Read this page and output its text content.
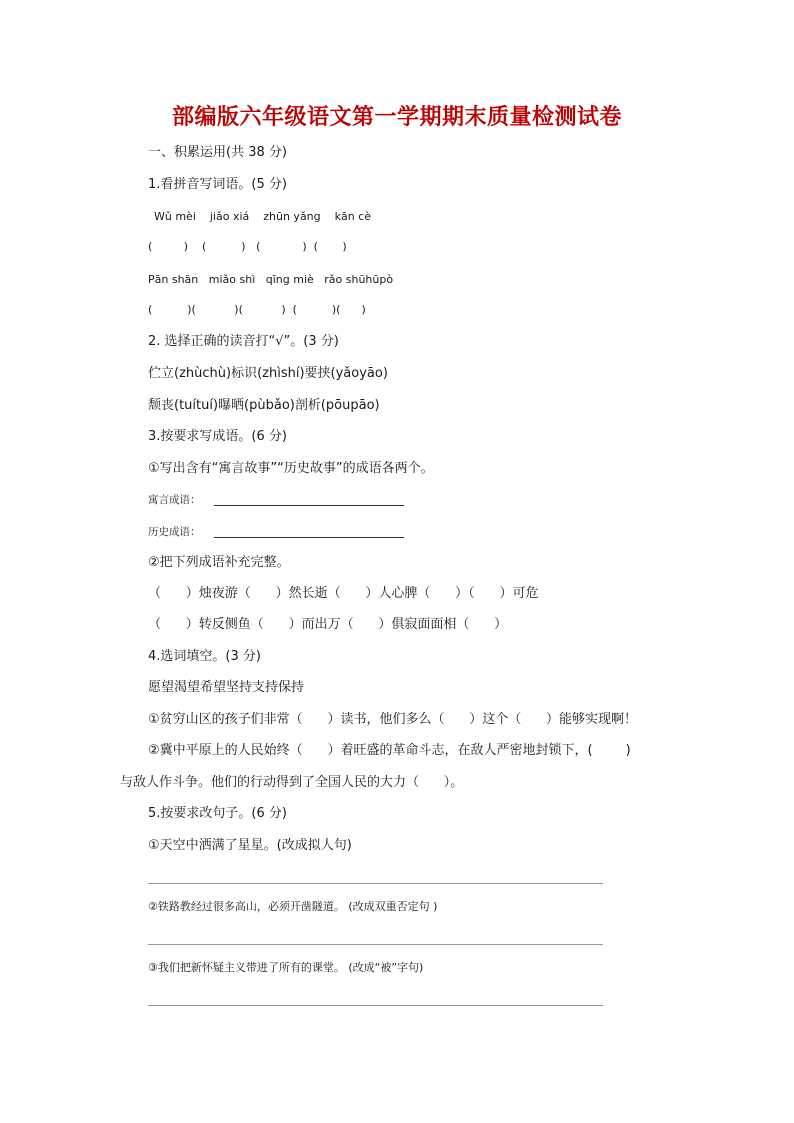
部编版六年级语文第一学期期末质量检测试卷
一、积累运用(共 38 分)
1.看拼音写词语。(5 分)
Wǔ mèi    jiǎo xiá    zhūn yǎng    kān cè
(         )    (          )   (            )  (       )
Pān shān   miǎo shì   qīng miè   rǎo shūhūpò
(          )(           )(           )  (          )(      )
2. 选择正确的读音打“√”。(3 分)
伫立(zhùchù)标识(zhìshí)要挟(yǎoyāo)
颓丧(tuítuí)曝晒(pùbǎo)剖析(pōupāo)
3.按要求写成语。(6 分)
①写出含有“寓言故事”“历史故事”的成语各两个。
寓言成语：
历史成语：
②把下列成语补充完整。
（      ）烛夜游（      ）然长逝（      ）人心脾（      ）（      ）可危
（      ）转反侧鱼（      ）而出万（      ）俱寂面面相（      ）
4.选词填空。(3 分)
愿望渴望希望坚持支持保持
①贫穷山区的孩子们非常（      ）读书，他们多么（      ）这个（      ）能够实现啊！
②冀中平原上的人民始终（      ）着旺盛的革命斗志，在敌人严密地封锁下，(        )
与敌人作斗争。他们的行动得到了全国人民的大力（      ）。
5.按要求改句子。(6 分)
①天空中洒满了星星。(改成拟人句)
②铁路教经过很多高山，必须开凿隧道。 (改成双重否定句 )
③我们把新怀疑主义带进了所有的课堂。 (改成“被”字句)
